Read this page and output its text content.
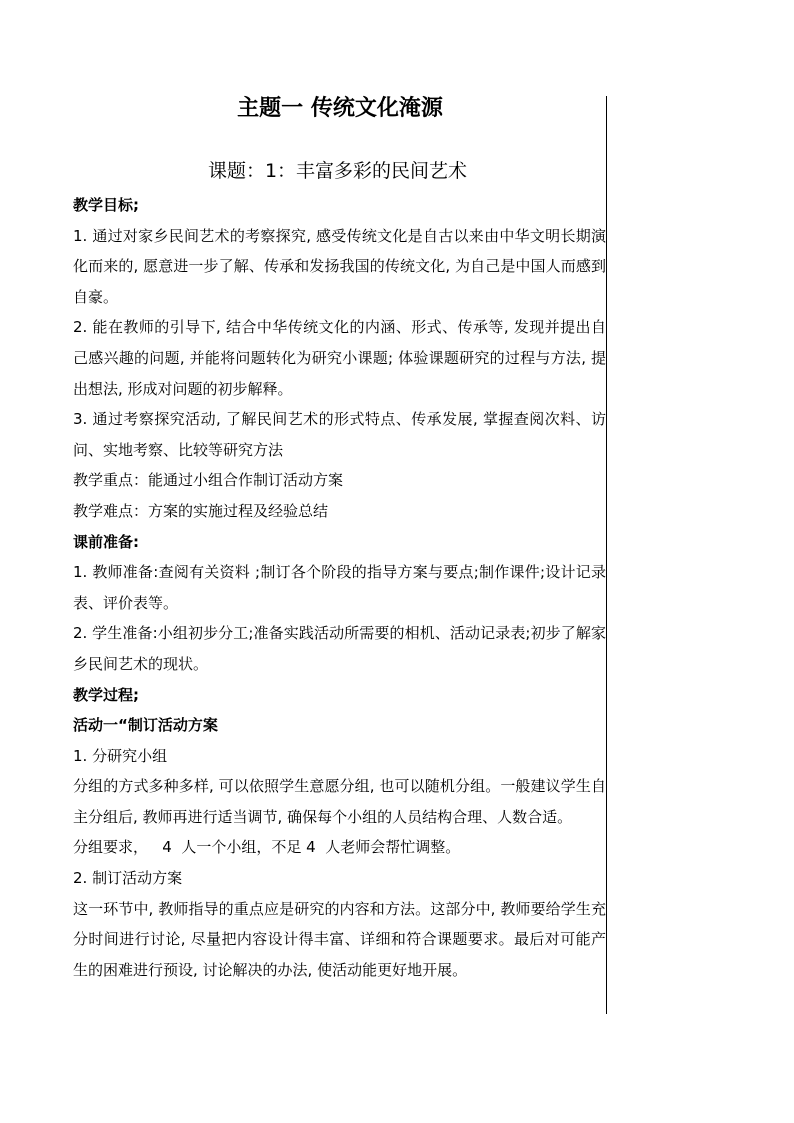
主题一 传统文化淹源
课题：1：丰富多彩的民间艺术

教学目标;

1. 通过对家乡民间艺术的考察探究, 感受传统文化是自古以来由中华文明长期演化而来的, 愿意进一步了解、传承和发扬我国的传统文化, 为自己是中国人而感到自豪。

2. 能在教师的引导下, 结合中华传统文化的内涵、形式、传承等, 发现并提出自己感兴趣的问题, 并能将问题转化为研究小课题; 体验课题研究的过程与方法, 提出想法, 形成对问题的初步解释。

3. 通过考察探究活动, 了解民间艺术的形式特点、传承发展, 掌握查阅次料、访问、实地考察、比较等研究方法

教学重点：能通过小组合作制订活动方案

教学难点：方案的实施过程及经验总结

课前准备:

1. 教师准备:查阅有关资料 ;制订各个阶段的指导方案与要点;制作课件;设计记录表、评价表等。

2. 学生准备:小组初步分工;准备实践活动所需要的相机、活动记录表;初步了解家乡民间艺术的现状。

教学过程;

活动一“制订活动方案

1. 分研究小组

分组的方式多种多样, 可以依照学生意愿分组, 也可以随机分组。一般建议学生自主分组后, 教师再进行适当调节, 确保每个小组的人员结构合理、人数合适。

分组要求，   4  人一个小组，不足 4  人老师会帮忙调整。

2. 制订活动方案

这一环节中, 教师指导的重点应是研究的内容和方法。这部分中, 教师要给学生充分时间进行讨论, 尽量把内容设计得丰富、详细和符合课题要求。最后对可能产生的困难进行预设, 讨论解决的办法, 使活动能更好地开展。
